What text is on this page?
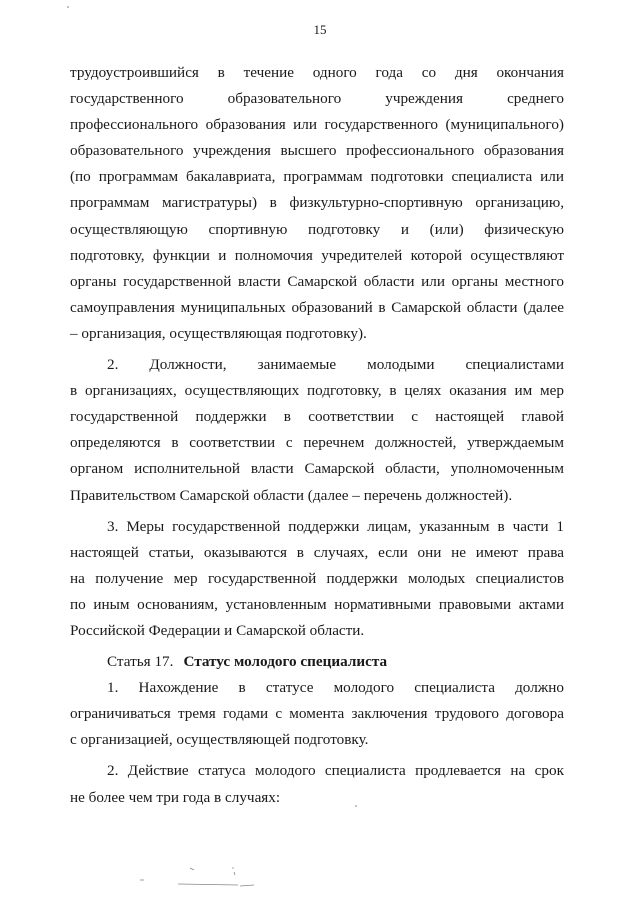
15

трудоустроившийся в течение одного года со дня окончания
государственного образовательного учреждения среднего
профессионального образования или государственного (муниципального)
образовательного учреждения высшего профессионального образования
(по программам бакалавриата, программам подготовки специалиста или
программам магистратуры) в физкультурно-спортивную организацию,
осуществляющую спортивную подготовку и (или) физическую
подготовку, функции и полномочия учредителей которой осуществляют
органы государственной власти Самарской области или органы местного
самоуправления муниципальных образований в Самарской области (далее
– организация, осуществляющая подготовку).

2. Должности, занимаемые молодыми специалистами
в организациях, осуществляющих подготовку, в целях оказания им мер
государственной поддержки в соответствии с настоящей главой
определяются в соответствии с перечнем должностей, утверждаемым
органом исполнительной власти Самарской области, уполномоченным
Правительством Самарской области (далее – перечень должностей).

3. Меры государственной поддержки лицам, указанным в части 1
настоящей статьи, оказываются в случаях, если они не имеют права
на получение мер государственной поддержки молодых специалистов
по иным основаниям, установленным нормативными правовыми актами
Российской Федерации и Самарской области.

Статья 17. Статус молодого специалиста

1. Нахождение в статусе молодого специалиста должно
ограничиваться тремя годами с момента заключения трудового договора
с организацией, осуществляющей подготовку.

2. Действие статуса молодого специалиста продлевается на срок
не более чем три года в случаях:
